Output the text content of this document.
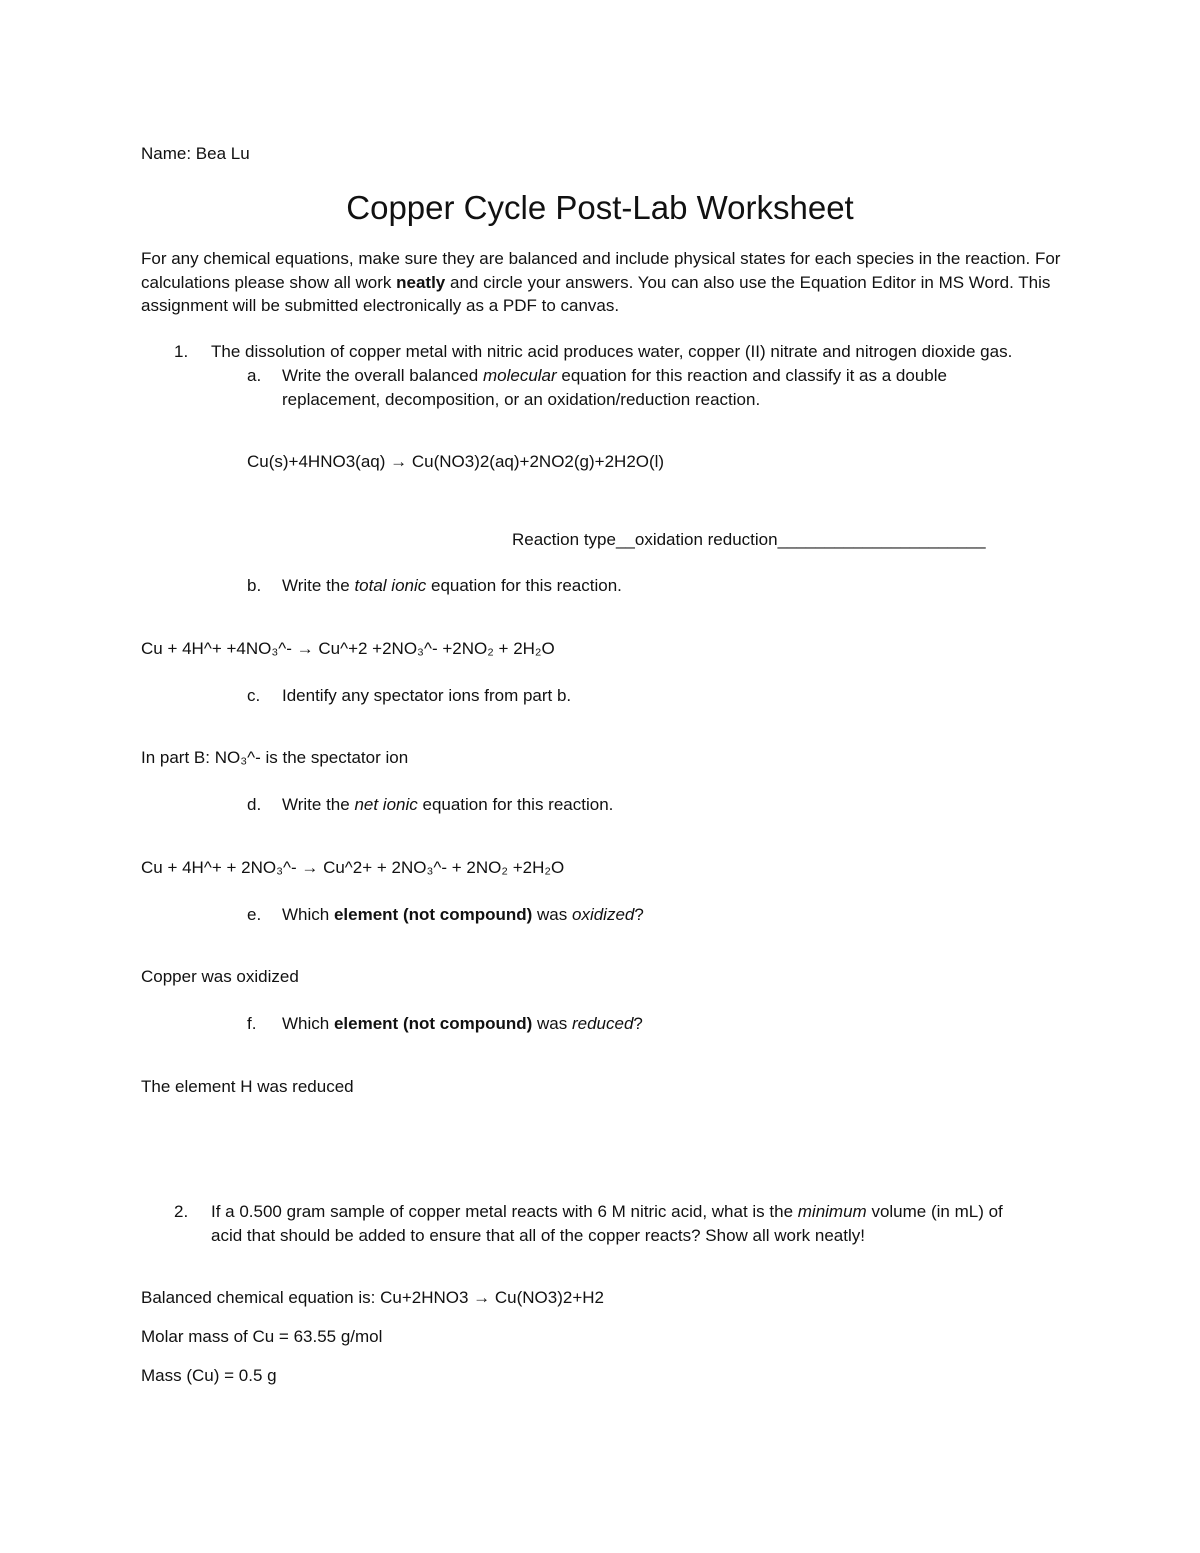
Name: Bea Lu
Copper Cycle Post-Lab Worksheet
For any chemical equations, make sure they are balanced and include physical states for each species in the reaction. For calculations please show all work neatly and circle your answers. You can also use the Equation Editor in MS Word. This assignment will be submitted electronically as a PDF to canvas.
1.	The dissolution of copper metal with nitric acid produces water, copper (II) nitrate and nitrogen dioxide gas.
a.	Write the overall balanced molecular equation for this reaction and classify it as a double
replacement, decomposition, or an oxidation/reduction reaction.
Cu(s)+4HNO3(aq) → Cu(NO3)2(aq)+2NO2(g)+2H2O(l)
Reaction type__oxidation reduction______________________
b.	Write the total ionic equation for this reaction.
Cu + 4H^+ +4NO₃^- → Cu^+2 +2NO₃^- +2NO₂ + 2H₂O
c.	Identify any spectator ions from part b.
In part B: NO₃^- is the spectator ion
d.	Write the net ionic equation for this reaction.
Cu + 4H^+ + 2NO₃^- → Cu^2+ + 2NO₃^- + 2NO₂ +2H₂O
e.	Which element (not compound) was oxidized?
Copper was oxidized
f.	Which element (not compound) was reduced?
The element H was reduced
2.	If a 0.500 gram sample of copper metal reacts with 6 M nitric acid, what is the minimum volume (in mL) of
acid that should be added to ensure that all of the copper reacts? Show all work neatly!
Balanced chemical equation is: Cu+2HNO3 → Cu(NO3)2+H2
Molar mass of Cu = 63.55 g/mol
Mass (Cu) = 0.5 g
